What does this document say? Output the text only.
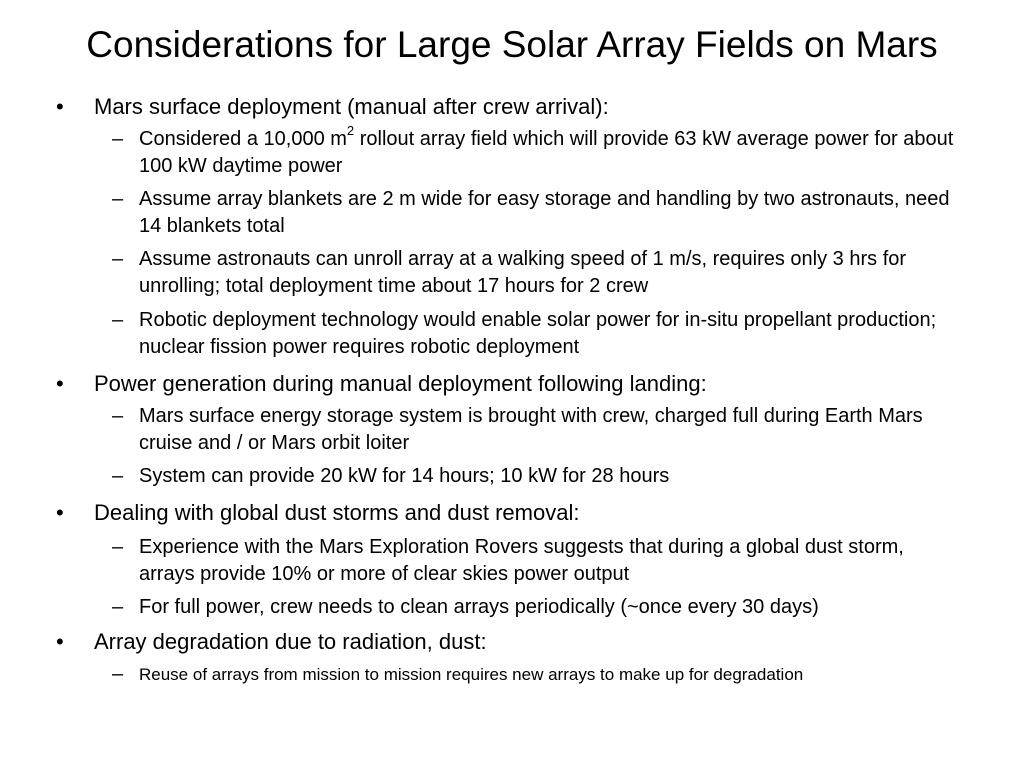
Considerations for Large Solar Array Fields on Mars
• Mars surface deployment (manual after crew arrival):
– Considered a 10,000 $m^2$ rollout array field which will provide 63 kW average power for about 100 kW daytime power
– Assume array blankets are 2 m wide for easy storage and handling by two astronauts, need 14 blankets total
– Assume astronauts can unroll array at a walking speed of 1 m/s, requires only 3 hrs for unrolling; total deployment time about 17 hours for 2 crew
– Robotic deployment technology would enable solar power for in-situ propellant production; nuclear fission power requires robotic deployment
• Power generation during manual deployment following landing:
– Mars surface energy storage system is brought with crew, charged full during Earth Mars cruise and / or Mars orbit loiter
– System can provide 20 kW for 14 hours; 10 kW for 28 hours
• Dealing with global dust storms and dust removal:
– Experience with the Mars Exploration Rovers suggests that during a global dust storm, arrays provide 10% or more of clear skies power output
– For full power, crew needs to clean arrays periodically (~once every 30 days)
• Array degradation due to radiation, dust:
– Reuse of arrays from mission to mission requires new arrays to make up for degradation
